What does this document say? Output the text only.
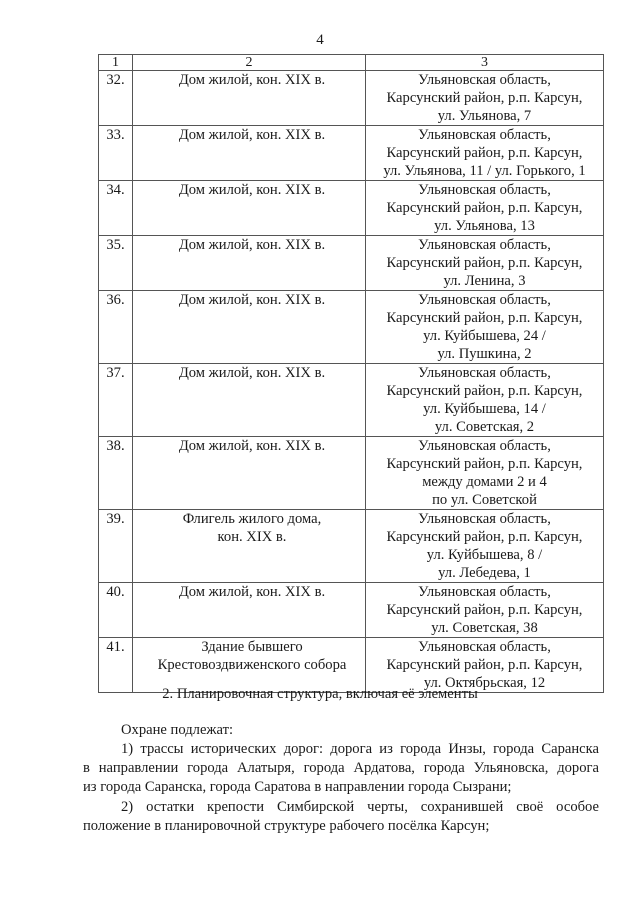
4
1	2	3
32.	Дом жилой, кон. XIX в.	Ульяновская область,
Карсунский район, р.п. Карсун,
ул. Ульянова, 7

33.	Дом жилой, кон. XIX в.	Ульяновская область,
Карсунский район, р.п. Карсун,
ул. Ульянова, 11 / ул. Горького, 1

34.	Дом жилой, кон. XIX в.	Ульяновская область,
Карсунский район, р.п. Карсун,
ул. Ульянова, 13

35.	Дом жилой, кон. XIX в.	Ульяновская область,
Карсунский район, р.п. Карсун,
ул. Ленина, 3

36.	Дом жилой, кон. XIX в.	Ульяновская область,
Карсунский район, р.п. Карсун,
ул. Куйбышева, 24 /
ул. Пушкина, 2

37.	Дом жилой, кон. XIX в.	Ульяновская область,
Карсунский район, р.п. Карсун,
ул. Куйбышева, 14 /
ул. Советская, 2

38.	Дом жилой, кон. XIX в.	Ульяновская область,
Карсунский район, р.п. Карсун,
между домами 2 и 4
по ул. Советской

39.	Флигель жилого дома,
кон. XIX в.	Ульяновская область,
Карсунский район, р.п. Карсун,
ул. Куйбышева, 8 /
ул. Лебедева, 1

40.	Дом жилой, кон. XIX в.	Ульяновская область,
Карсунский район, р.п. Карсун,
ул. Советская, 38

41.	Здание бывшего
Крестовоздвиженского собора	Ульяновская область,
Карсунский район, р.п. Карсун,
ул. Октябрьская, 12
2. Планировочная структура, включая её элементы
Охране подлежат:
1) трассы исторических дорог: дорога из города Инзы, города Саранска
в направлении города Алатыря, города Ардатова, города Ульяновска, дорога
из города Саранска, города Саратова в направлении города Сызрани;
2) остатки крепости Симбирской черты, сохранившей своё особое
положение в планировочной структуре рабочего посёлка Карсун;
